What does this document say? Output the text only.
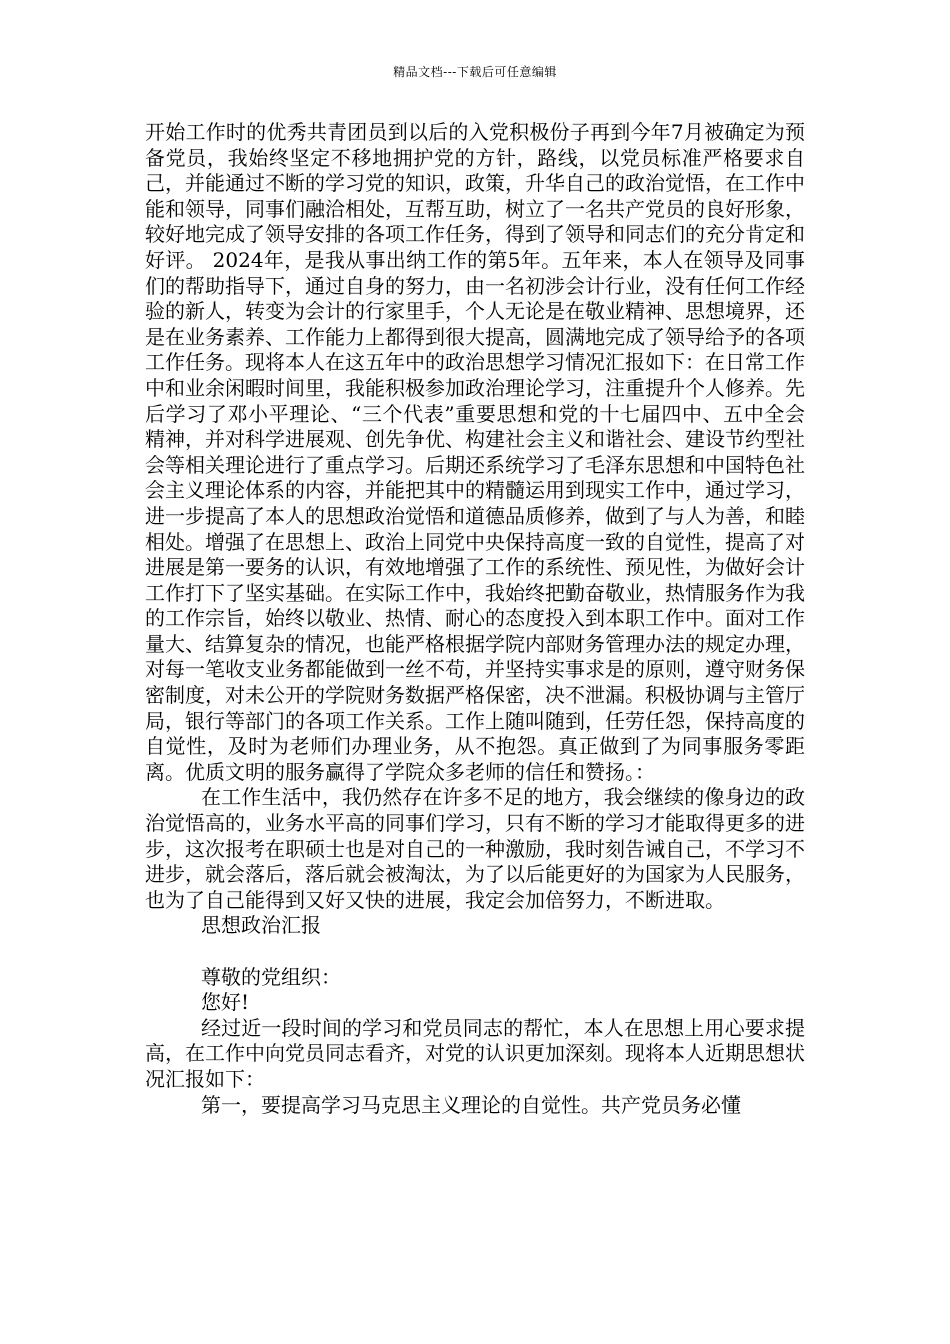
精品文档---下载后可任意编辑

开始工作时的优秀共青团员到以后的入党积极份子再到今年7月被确定为预备党员，我始终坚定不移地拥护党的方针，路线，以党员标准严格要求自己，并能通过不断的学习党的知识，政策，升华自己的政治觉悟，在工作中能和领导，同事们融洽相处，互帮互助，树立了一名共产党员的良好形象，较好地完成了领导安排的各项工作任务，得到了领导和同志们的充分肯定和好评。 2024年，是我从事出纳工作的第5年。五年来，本人在领导及同事们的帮助指导下，通过自身的努力，由一名初涉会计行业，没有任何工作经验的新人，转变为会计的行家里手，个人无论是在敬业精神、思想境界，还是在业务素养、工作能力上都得到很大提高，圆满地完成了领导给予的各项工作任务。现将本人在这五年中的政治思想学习情况汇报如下：在日常工作中和业余闲暇时间里，我能积极参加政治理论学习，注重提升个人修养。先后学习了邓小平理论、“三个代表”重要思想和党的十七届四中、五中全会精神，并对科学进展观、创先争优、构建社会主义和谐社会、建设节约型社会等相关理论进行了重点学习。后期还系统学习了毛泽东思想和中国特色社会主义理论体系的内容，并能把其中的精髓运用到现实工作中，通过学习，进一步提高了本人的思想政治觉悟和道德品质修养，做到了与人为善，和睦相处。增强了在思想上、政治上同党中央保持高度一致的自觉性，提高了对进展是第一要务的认识，有效地增强了工作的系统性、预见性，为做好会计工作打下了坚实基础。在实际工作中，我始终把勤奋敬业，热情服务作为我的工作宗旨，始终以敬业、热情、耐心的态度投入到本职工作中。面对工作量大、结算复杂的情况，也能严格根据学院内部财务管理办法的规定办理，对每一笔收支业务都能做到一丝不苟，并坚持实事求是的原则，遵守财务保密制度，对未公开的学院财务数据严格保密，决不泄漏。积极协调与主管厅局，银行等部门的各项工作关系。工作上随叫随到，任劳任怨，保持高度的自觉性，及时为老师们办理业务，从不抱怨。真正做到了为同事服务零距离。优质文明的服务赢得了学院众多老师的信任和赞扬。：

在工作生活中，我仍然存在许多不足的地方，我会继续的像身边的政治觉悟高的，业务水平高的同事们学习，只有不断的学习才能取得更多的进步，这次报考在职硕士也是对自己的一种激励，我时刻告诫自己，不学习不进步，就会落后，落后就会被淘汰，为了以后能更好的为国家为人民服务，也为了自己能得到又好又快的进展，我定会加倍努力，不断进取。

思想政治汇报

尊敬的党组织：

您好!

经过近一段时间的学习和党员同志的帮忙，本人在思想上用心要求提高，在工作中向党员同志看齐，对党的认识更加深刻。现将本人近期思想状况汇报如下：

第一，要提高学习马克思主义理论的自觉性。共产党员务必懂
